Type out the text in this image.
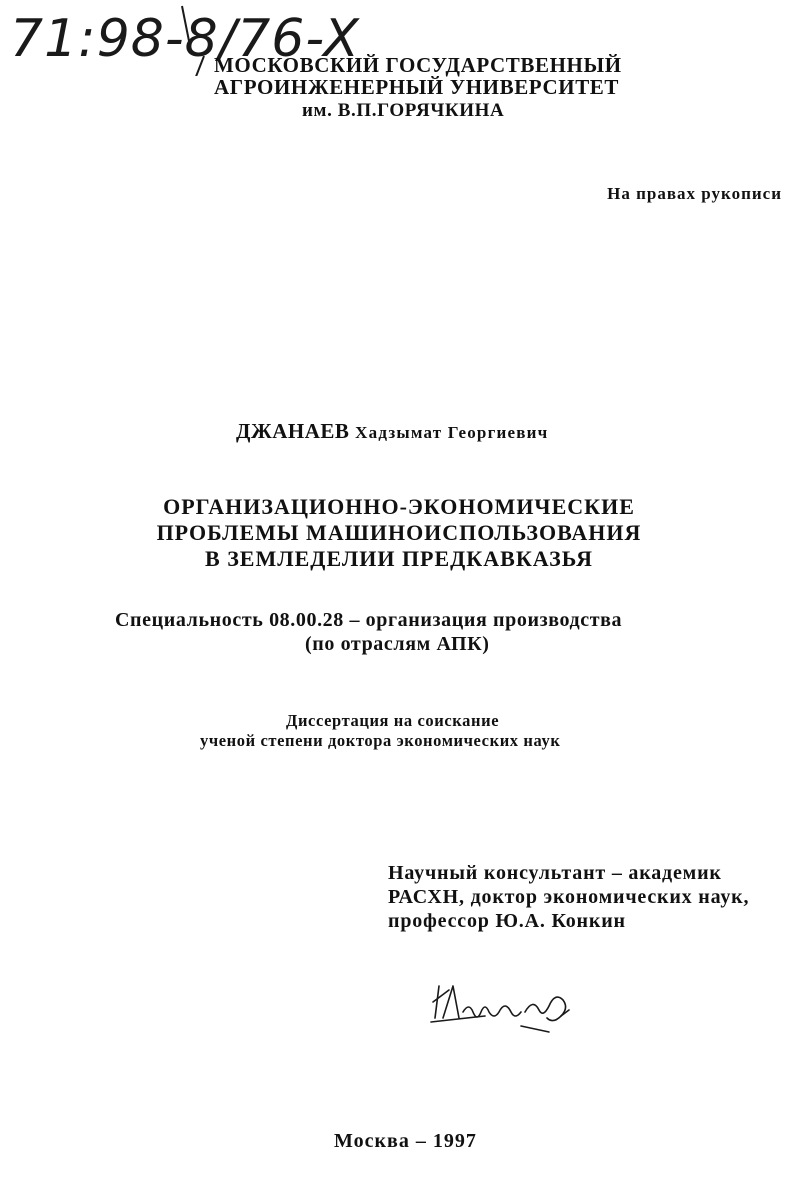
71:98-8/76-X
МОСКОВСКИЙ ГОСУДАРСТВЕННЫЙ
АГРОИНЖЕНЕРНЫЙ УНИВЕРСИТЕТ
им. В.П.ГОРЯЧКИНА
На правах рукописи
ДЖАНАЕВ Хадзымат Георгиевич
ОРГАНИЗАЦИОННО-ЭКОНОМИЧЕСКИЕ
ПРОБЛЕМЫ МАШИНОИСПОЛЬЗОВАНИЯ
В ЗЕМЛЕДЕЛИИ ПРЕДКАВКАЗЬЯ
Специальность 08.00.28 – организация производства
(по отраслям АПК)
Диссертация на соискание
ученой степени доктора экономических наук
Научный консультант – академик
РАСХН, доктор экономических наук,
профессор Ю.А. Конкин
Москва – 1997
